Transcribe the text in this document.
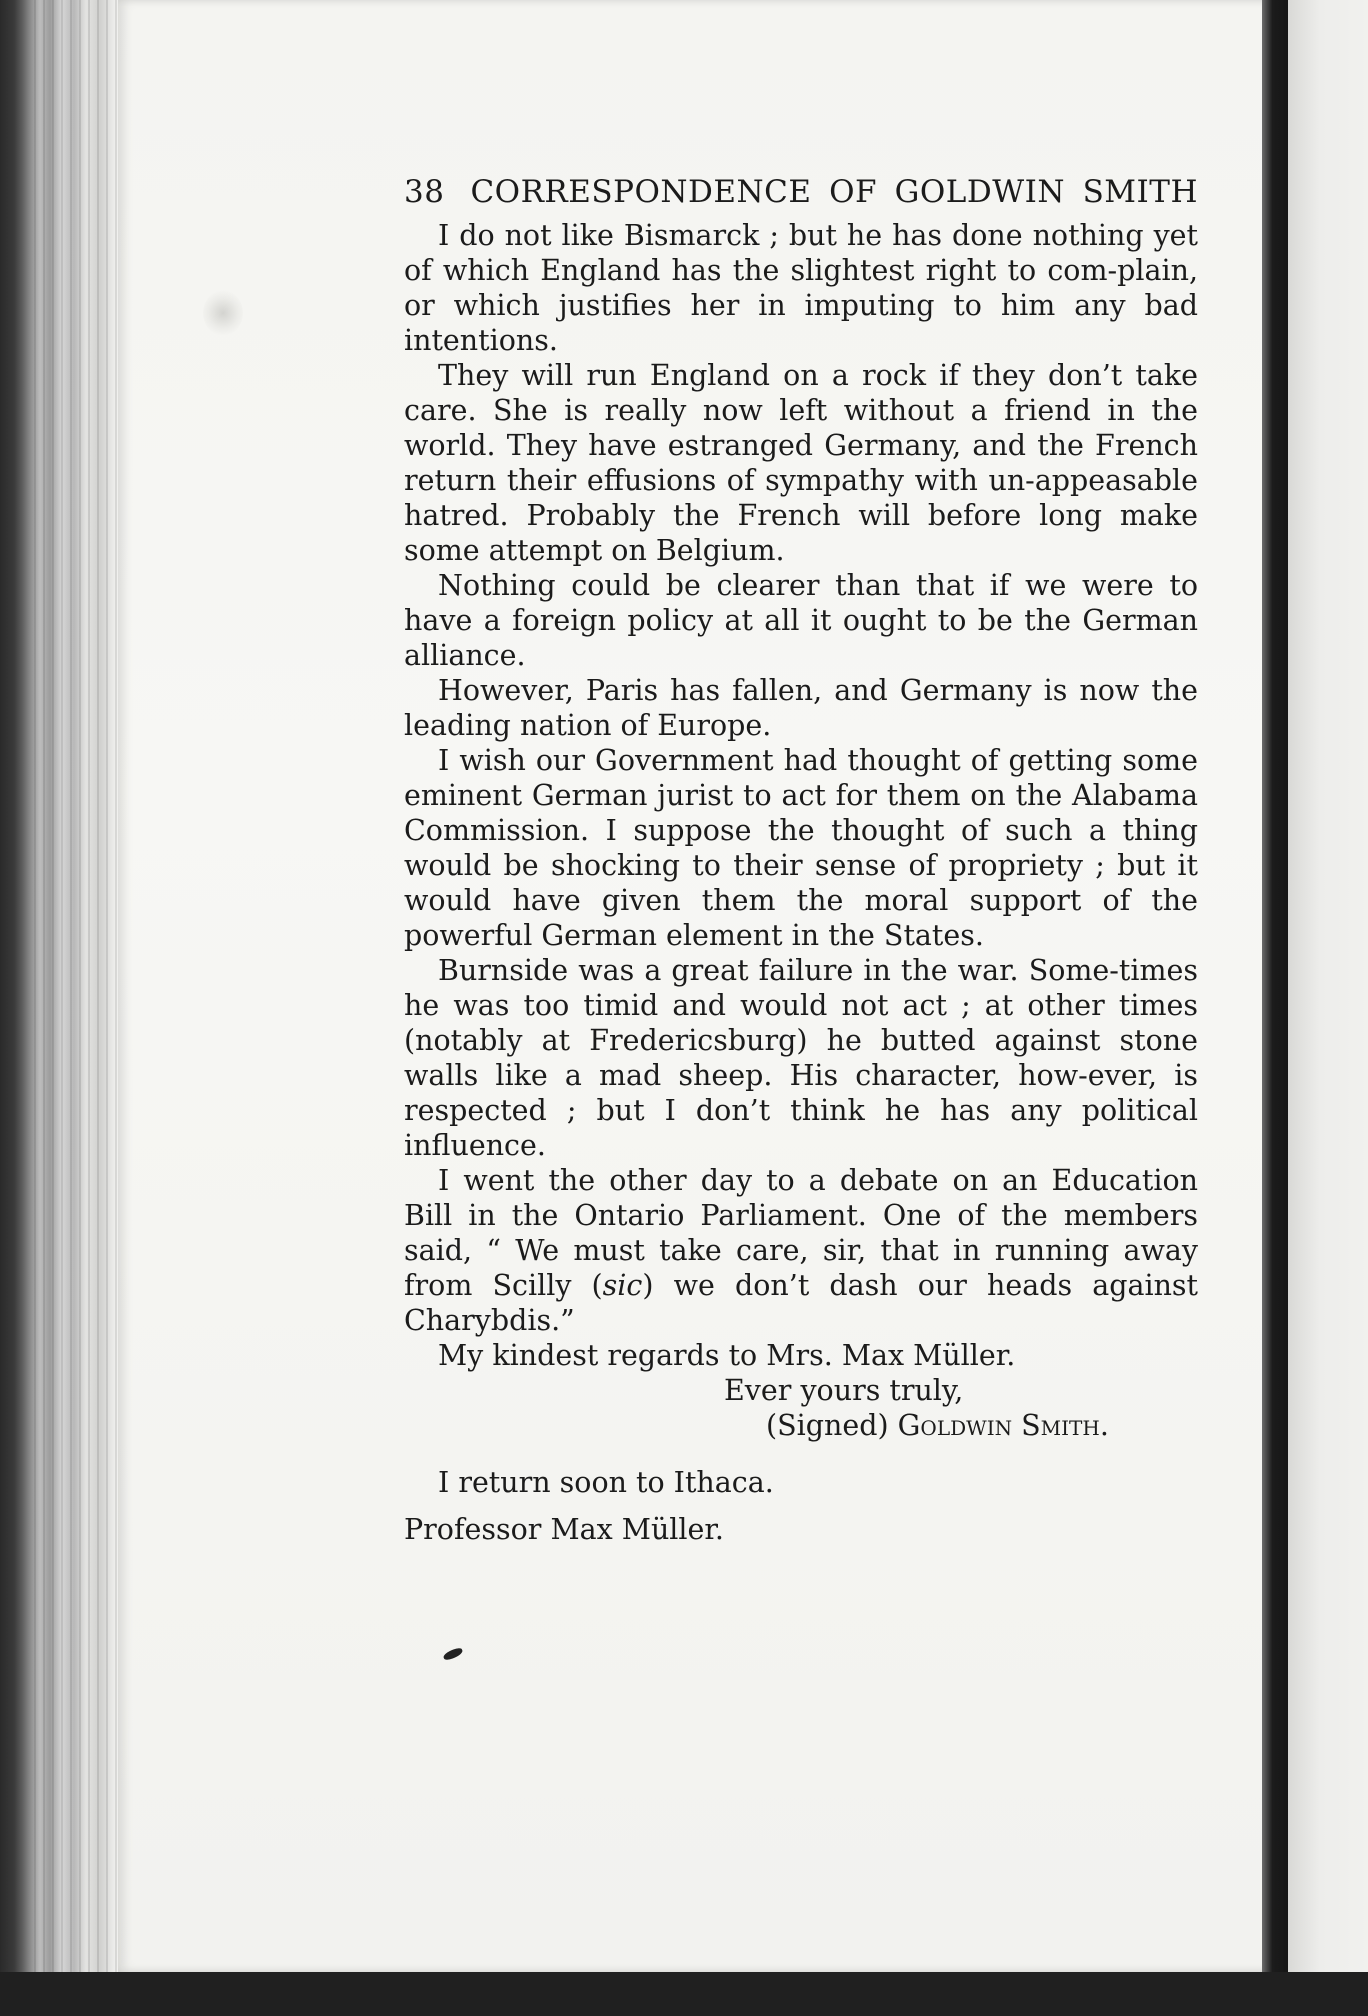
38 CORRESPONDENCE OF GOLDWIN SMITH

I do not like Bismarck ; but he has done nothing yet of which England has the slightest right to com-plain, or which justifies her in imputing to him any bad intentions.

They will run England on a rock if they don’t take care. She is really now left without a friend in the world. They have estranged Germany, and the French return their effusions of sympathy with un-appeasable hatred. Probably the French will before long make some attempt on Belgium.

Nothing could be clearer than that if we were to have a foreign policy at all it ought to be the German alliance.

However, Paris has fallen, and Germany is now the leading nation of Europe.

I wish our Government had thought of getting some eminent German jurist to act for them on the Alabama Commission. I suppose the thought of such a thing would be shocking to their sense of propriety ; but it would have given them the moral support of the powerful German element in the States.

Burnside was a great failure in the war. Some-times he was too timid and would not act ; at other times (notably at Fredericsburg) he butted against stone walls like a mad sheep. His character, how-ever, is respected ; but I don’t think he has any political influence.

I went the other day to a debate on an Education Bill in the Ontario Parliament. One of the members said, “ We must take care, sir, that in running away from Scilly (sic) we don’t dash our heads against Charybdis.”

My kindest regards to Mrs. Max Müller.

Ever yours truly,

(Signed) Goldwin Smith.

I return soon to Ithaca.

Professor Max Müller.
